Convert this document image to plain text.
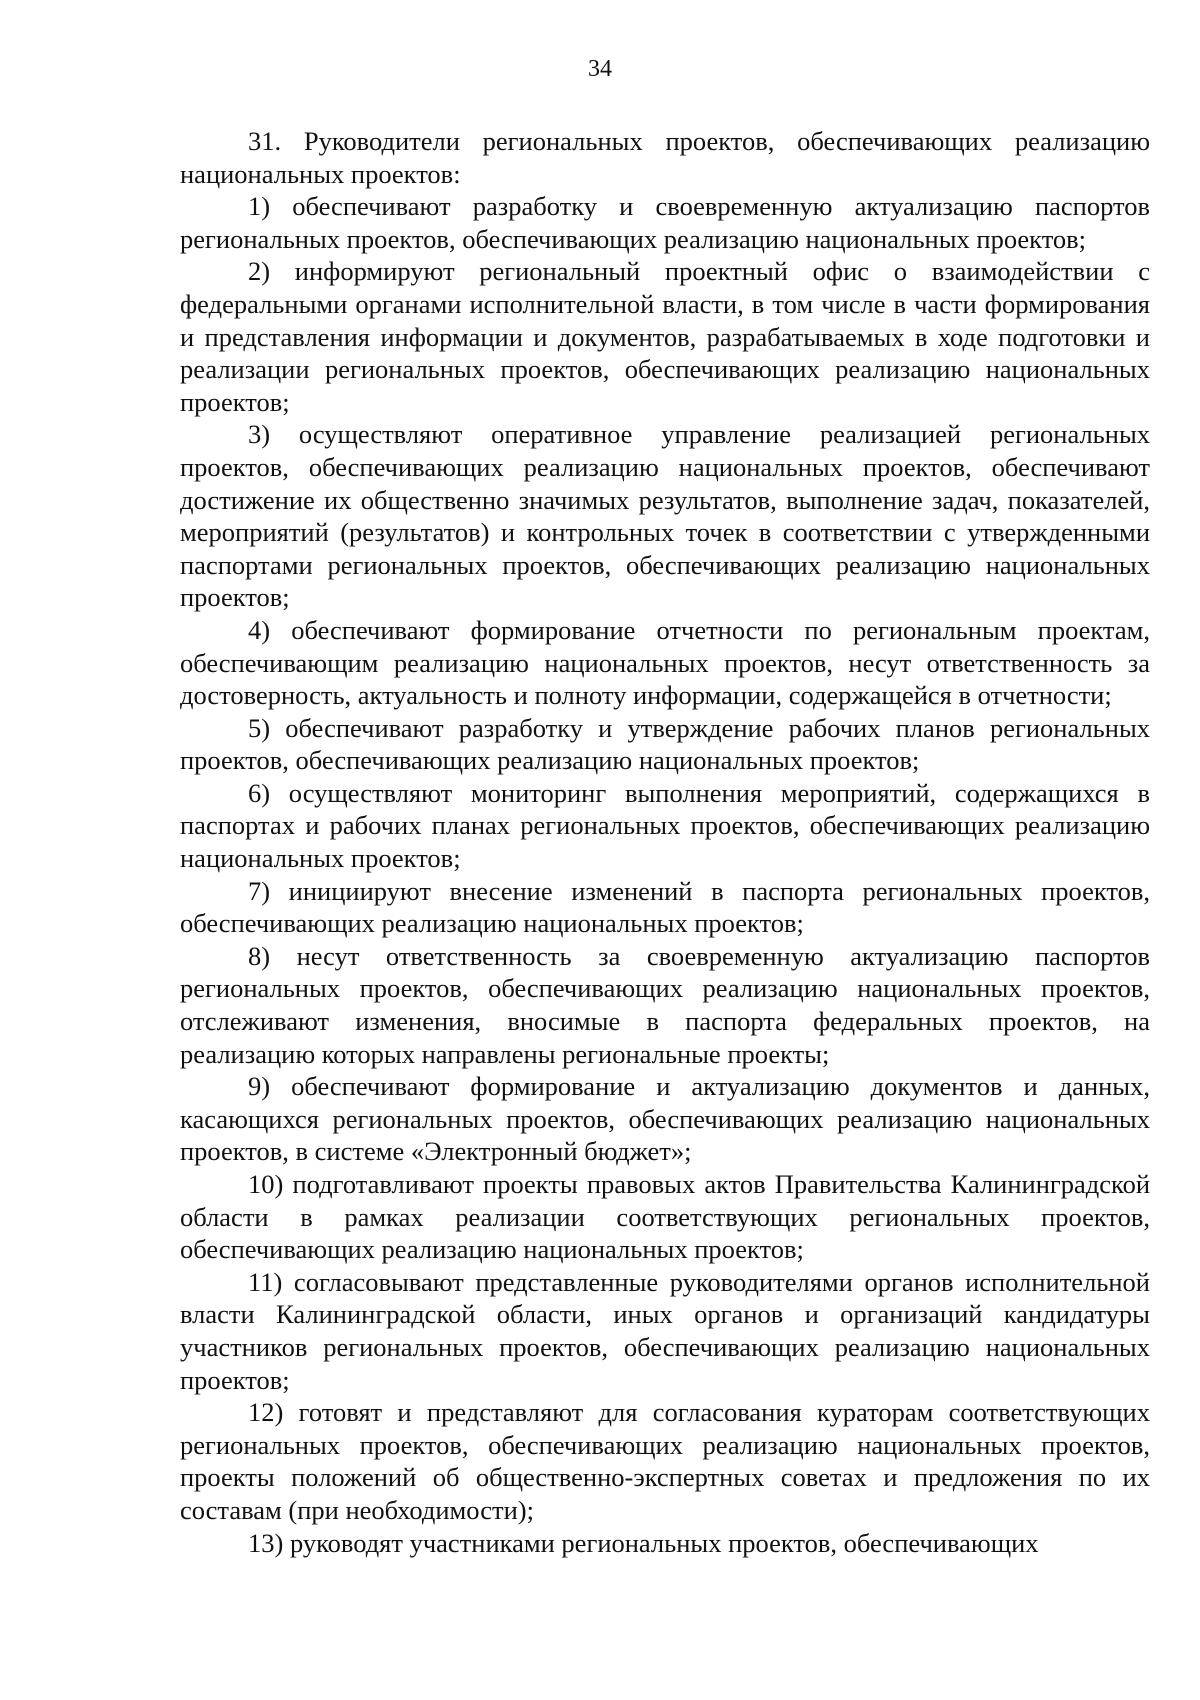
34

31. Руководители региональных проектов, обеспечивающих реализацию национальных проектов:

1) обеспечивают разработку и своевременную актуализацию паспортов региональных проектов, обеспечивающих реализацию национальных проектов;

2) информируют региональный проектный офис о взаимодействии с федеральными органами исполнительной власти, в том числе в части формирования и представления информации и документов, разрабатываемых в ходе подготовки и реализации региональных проектов, обеспечивающих реализацию национальных проектов;

3) осуществляют оперативное управление реализацией региональных проектов, обеспечивающих реализацию национальных проектов, обеспечивают достижение их общественно значимых результатов, выполнение задач, показателей, мероприятий (результатов) и контрольных точек в соответствии с утвержденными паспортами региональных проектов, обеспечивающих реализацию национальных проектов;

4) обеспечивают формирование отчетности по региональным проектам, обеспечивающим реализацию национальных проектов, несут ответственность за достоверность, актуальность и полноту информации, содержащейся в отчетности;

5) обеспечивают разработку и утверждение рабочих планов региональных проектов, обеспечивающих реализацию национальных проектов;

6) осуществляют мониторинг выполнения мероприятий, содержащихся в паспортах и рабочих планах региональных проектов, обеспечивающих реализацию национальных проектов;

7) инициируют внесение изменений в паспорта региональных проектов, обеспечивающих реализацию национальных проектов;

8) несут ответственность за своевременную актуализацию паспортов региональных проектов, обеспечивающих реализацию национальных проектов, отслеживают изменения, вносимые в паспорта федеральных проектов, на реализацию которых направлены региональные проекты;

9) обеспечивают формирование и актуализацию документов и данных, касающихся региональных проектов, обеспечивающих реализацию национальных проектов, в системе «Электронный бюджет»;

10) подготавливают проекты правовых актов Правительства Калининградской области в рамках реализации соответствующих региональных проектов, обеспечивающих реализацию национальных проектов;

11) согласовывают представленные руководителями органов исполнительной власти Калининградской области, иных органов и организаций кандидатуры участников региональных проектов, обеспечивающих реализацию национальных проектов;

12) готовят и представляют для согласования кураторам соответствующих региональных проектов, обеспечивающих реализацию национальных проектов, проекты положений об общественно-экспертных советах и предложения по их составам (при необходимости);

13) руководят участниками региональных проектов, обеспечивающих
